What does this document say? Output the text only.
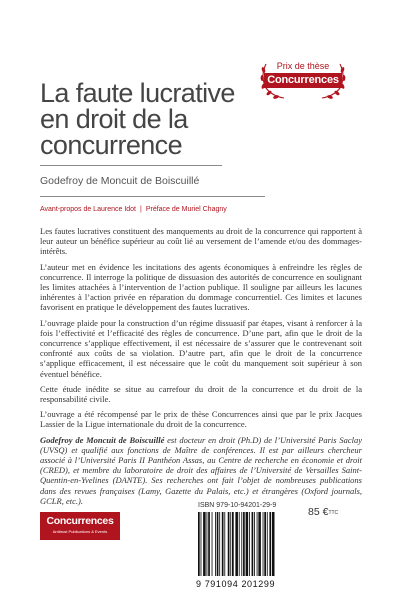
Prix de thèse
Concurrences
La faute lucrative
en droit de la
concurrence
Godefroy de Moncuit de Boiscuillé
Avant-propos de Laurence Idot | Préface de Muriel Chagny

Les fautes lucratives constituent des manquements au droit de la concurrence qui rapportent à leur auteur un bénéfice supérieur au coût lié au versement de l’amende et/ou des dommages-intérêts.

L’auteur met en évidence les incitations des agents économiques à enfreindre les règles de concurrence. Il interroge la politique de dissuasion des autorités de concurrence en soulignant les limites attachées à l’intervention de l’action publique. Il souligne par ailleurs les lacunes inhérentes à l’action privée en réparation du dommage concurrentiel. Ces limites et lacunes favorisent en pratique le développement des fautes lucratives.

L’ouvrage plaide pour la construction d’un régime dissuasif par étapes, visant à renforcer à la fois l’effectivité et l’efficacité des règles de concurrence. D’une part, afin que le droit de la concurrence s’applique effectivement, il est nécessaire de s’assurer que le contrevenant soit confronté aux coûts de sa violation. D’autre part, afin que le droit de la concurrence s’applique efficacement, il est nécessaire que le coût du manquement soit supérieur à son éventuel bénéfice.

Cette étude inédite se situe au carrefour du droit de la concurrence et du droit de la responsabilité civile.

L’ouvrage a été récompensé par le prix de thèse Concurrences ainsi que par le prix Jacques Lassier de la Ligue internationale du droit de la concurrence.

Godefroy de Moncuit de Boiscuillé est docteur en droit (Ph.D) de l’Université Paris Saclay (UVSQ) et qualifié aux fonctions de Maître de conférences. Il est par ailleurs chercheur associé à l’Université Paris II Panthéon Assas, au Centre de recherche en économie et droit (CRED), et membre du laboratoire de droit des affaires de l’Université de Versailles Saint-Quentin-en-Yvelines (DANTE). Ses recherches ont fait l’objet de nombreuses publications dans des revues françaises (Lamy, Gazette du Palais, etc.) et étrangères (Oxford journals, GCLR, etc.).

Concurrences
Antitrust Publications & Events
ISBN 979-10-94201-29-9
9 791094 201299
85 €TTC
